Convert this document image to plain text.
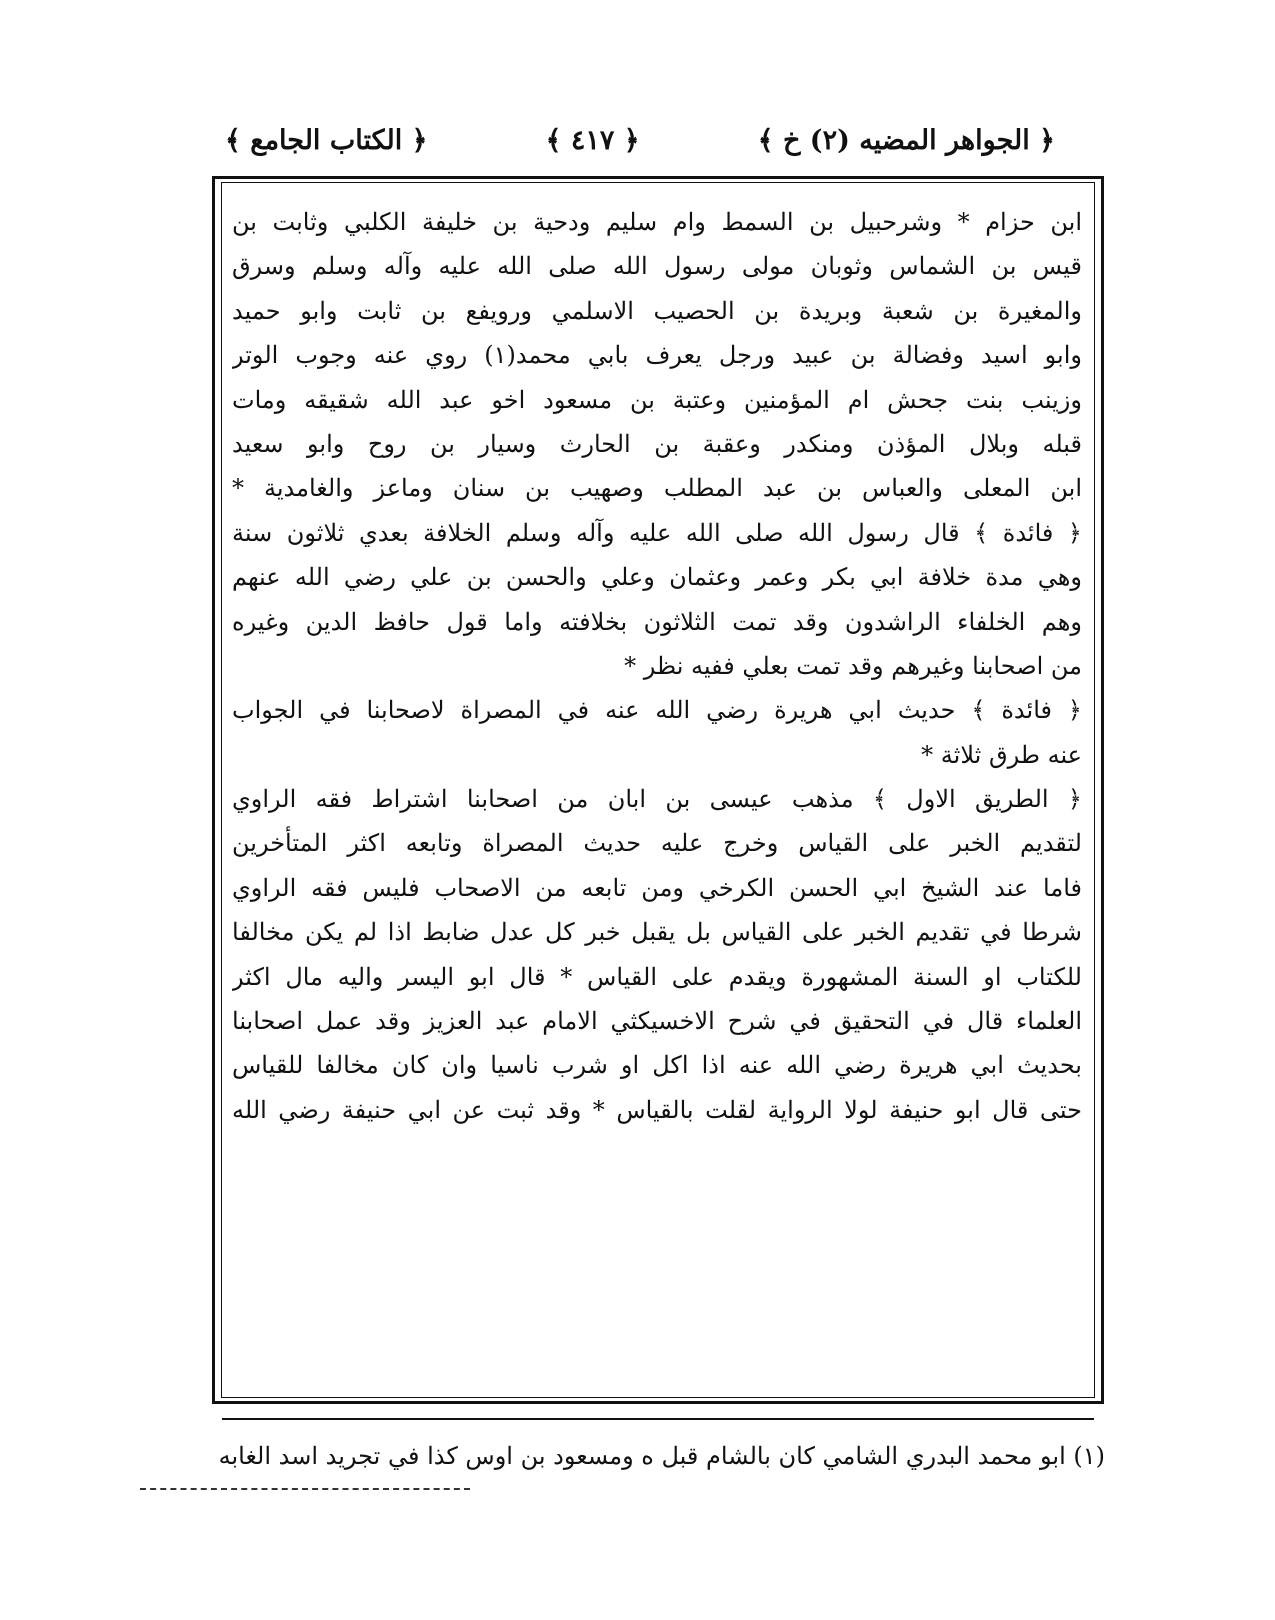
﴿ الجواهر المضيه (٢) خ ﴾
﴿ ٤١٧ ﴾
﴿ الكتاب الجامع ﴾
ابن حزام * وشرحبيل بن السمط وام سليم ودحية بن خليفة الكلبي وثابت بن
قيس بن الشماس وثوبان مولى رسول الله صلى الله عليه وآله وسلم وسرق
والمغيرة بن شعبة وبريدة بن الحصيب الاسلمي ورويفع بن ثابت وابو حميد
وابو اسيد وفضالة بن عبيد ورجل يعرف بابي محمد(١) روي عنه وجوب الوتر
وزينب بنت جحش ام المؤمنين وعتبة بن مسعود اخو عبد الله شقيقه ومات
قبله وبلال المؤذن ومنكدر وعقبة بن الحارث وسيار بن روح وابو سعيد
ابن المعلى والعباس بن عبد المطلب وصهيب بن سنان وماعز والغامدية *
﴿ فائدة ﴾ قال رسول الله صلى الله عليه وآله وسلم الخلافة بعدي ثلاثون سنة
وهي مدة خلافة ابي بكر وعمر وعثمان وعلي والحسن بن علي رضي الله عنهم
وهم الخلفاء الراشدون وقد تمت الثلاثون بخلافته واما قول حافظ الدين وغيره
من اصحابنا وغيرهم وقد تمت بعلي ففيه نظر *
﴿ فائدة ﴾ حديث ابي هريرة رضي الله عنه في المصراة لاصحابنا في الجواب
عنه طرق ثلاثة *
﴿ الطريق الاول ﴾ مذهب عيسى بن ابان من اصحابنا اشتراط فقه الراوي
لتقديم الخبر على القياس وخرج عليه حديث المصراة وتابعه اكثر المتأخرين
فاما عند الشيخ ابي الحسن الكرخي ومن تابعه من الاصحاب فليس فقه الراوي
شرطا في تقديم الخبر على القياس بل يقبل خبر كل عدل ضابط اذا لم يكن مخالفا
للكتاب او السنة المشهورة ويقدم على القياس * قال ابو اليسر واليه مال اكثر
العلماء قال في التحقيق في شرح الاخسيكثي الامام عبد العزيز وقد عمل اصحابنا
بحديث ابي هريرة رضي الله عنه اذا اكل او شرب ناسيا وان كان مخالفا للقياس
حتى قال ابو حنيفة لولا الرواية لقلت بالقياس * وقد ثبت عن ابي حنيفة رضي الله
(١) ابو محمد البدري الشامي كان بالشام قبل ه ومسعود بن اوس كذا في تجريد اسد الغابه
